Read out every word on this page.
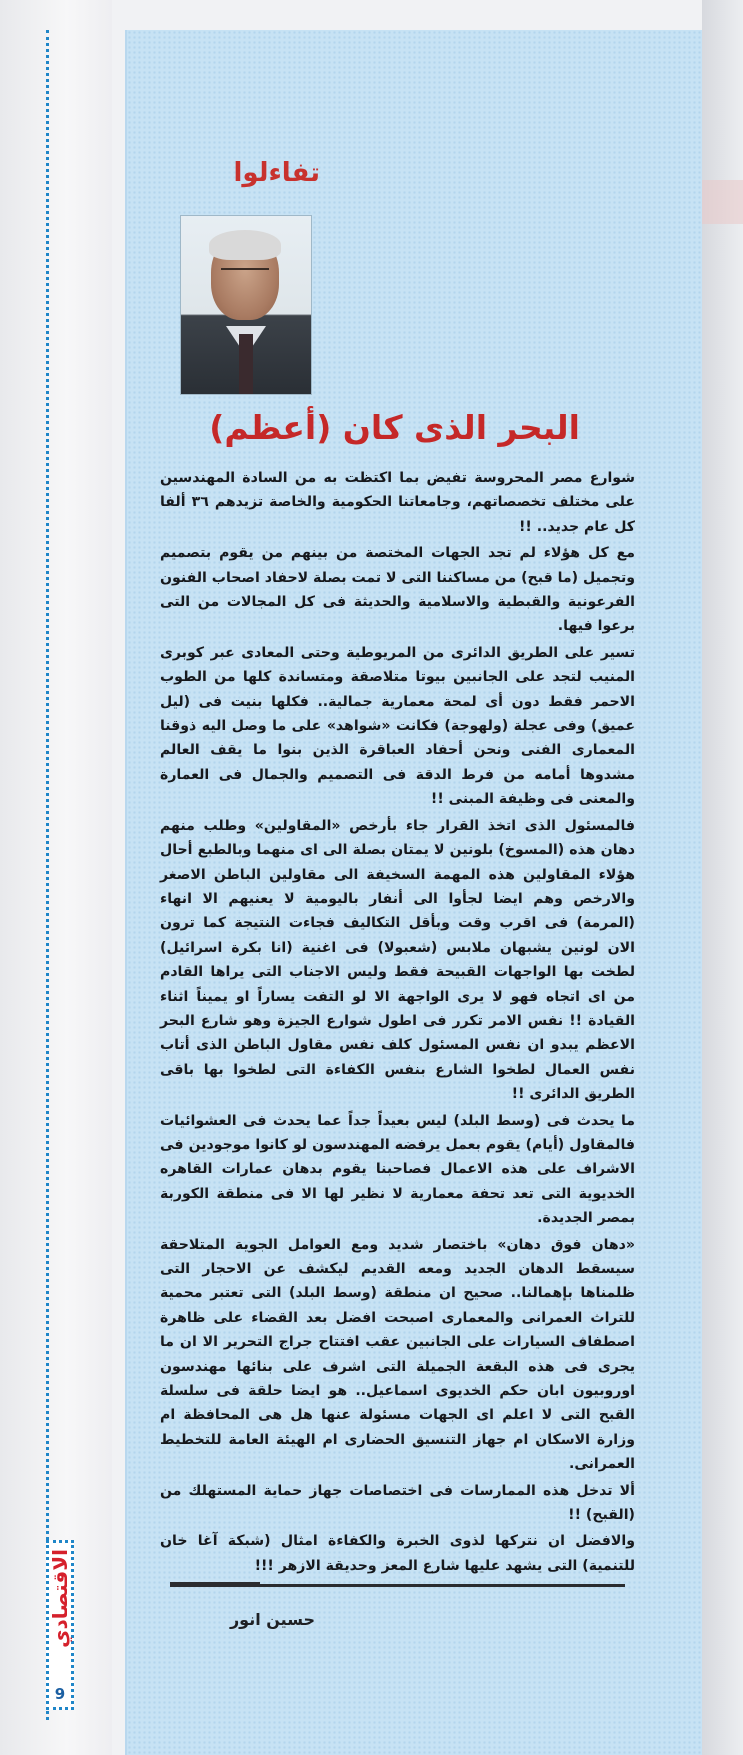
الاقتصادي
9
تفاءلوا
البحر الذى كان (أعظم)

شوارع مصر المحروسة تفيض بما اكتظت به من السادة المهندسين على مختلف تخصصاتهم، وجامعاتنا الحكومية والخاصة تزيدهم ٣٦ ألفا كل عام جديد.. !!

مع كل هؤلاء لم تجد الجهات المختصة من بينهم من يقوم بتصميم وتجميل (ما قبح) من مساكننا التى لا تمت بصلة لاحفاد اصحاب الفنون الفرعونية والقبطية والاسلامية والحديثة فى كل المجالات من التى برعوا فيها.

تسير على الطريق الدائرى من المريوطية وحتى المعادى عبر كوبرى المنيب لتجد على الجانبين بيوتا متلاصقة ومتساندة كلها من الطوب الاحمر فقط دون أى لمحة معمارية جمالية.. فكلها بنيت فى (ليل عميق) وفى عجلة (ولهوجة) فكانت «شواهد» على ما وصل اليه ذوقنا المعمارى الفنى ونحن أحفاد العباقرة الذين بنوا ما يقف العالم مشدوها أمامه من فرط الدقة فى التصميم والجمال فى العمارة والمعنى فى وظيفة المبنى !!

فالمسئول الذى اتخذ القرار جاء بأرخص «المقاولين» وطلب منهم دهان هذه (المسوخ) بلونين لا يمتان بصلة الى اى منهما وبالطبع أحال هؤلاء المقاولين هذه المهمة السخيفة الى مقاولين الباطن الاصغر والارخص وهم ايضا لجأوا الى أنفار باليومية لا يعنيهم الا انهاء (المرمة) فى اقرب وقت وبأقل التكاليف فجاءت النتيجة كما ترون الان لونين يشبهان ملابس (شعبولا) فى اغنية (انا بكرة اسرائيل) لطخت بها الواجهات القبيحة فقط وليس الاجناب التى يراها القادم من اى اتجاه فهو لا يرى الواجهة الا لو التفت يساراً او يميناً اثناء القيادة !! نفس الامر تكرر فى اطول شوارع الجيزة وهو شارع البحر الاعظم يبدو ان نفس المسئول كلف نفس مقاول الباطن الذى أتاب نفس العمال لطخوا الشارع بنفس الكفاءة التى لطخوا بها باقى الطريق الدائرى !!

ما يحدث فى (وسط البلد) ليس بعيداً جداً عما يحدث فى العشوائيات فالمقاول (أيام) يقوم بعمل يرفضه المهندسون لو كانوا موجودين فى الاشراف على هذه الاعمال فصاحبنا يقوم بدهان عمارات القاهره الخديوية التى تعد تحفة معمارية لا نظير لها الا فى منطقة الكوربة بمصر الجديدة.

«دهان فوق دهان» باختصار شديد ومع العوامل الجوية المتلاحقة سيسقط الدهان الجديد ومعه القديم ليكشف عن الاحجار التى ظلمناها بإهمالنا.. صحيح ان منطقة (وسط البلد) التى تعتبر محمية للتراث العمرانى والمعمارى اصبحت افضل بعد القضاء على ظاهرة اصطفاف السيارات على الجانبين عقب افتتاح جراج التحرير الا ان ما يجرى فى هذه البقعة الجميلة التى اشرف على بنائها مهندسون اوروبيون ابان حكم الخديوى اسماعيل.. هو ايضا حلقة فى سلسلة القبح التى لا اعلم اى الجهات مسئولة عنها هل هى المحافظة ام وزارة الاسكان ام جهاز التنسيق الحضارى ام الهيئة العامة للتخطيط العمرانى.

ألا تدخل هذه الممارسات فى اختصاصات جهاز حماية المستهلك من (القبح) !!

والافضل ان نتركها لذوى الخبرة والكفاءة امثال (شبكة آغا خان للتنمية) التى يشهد عليها شارع المعز وحديقة الازهر !!!

حسين انور
